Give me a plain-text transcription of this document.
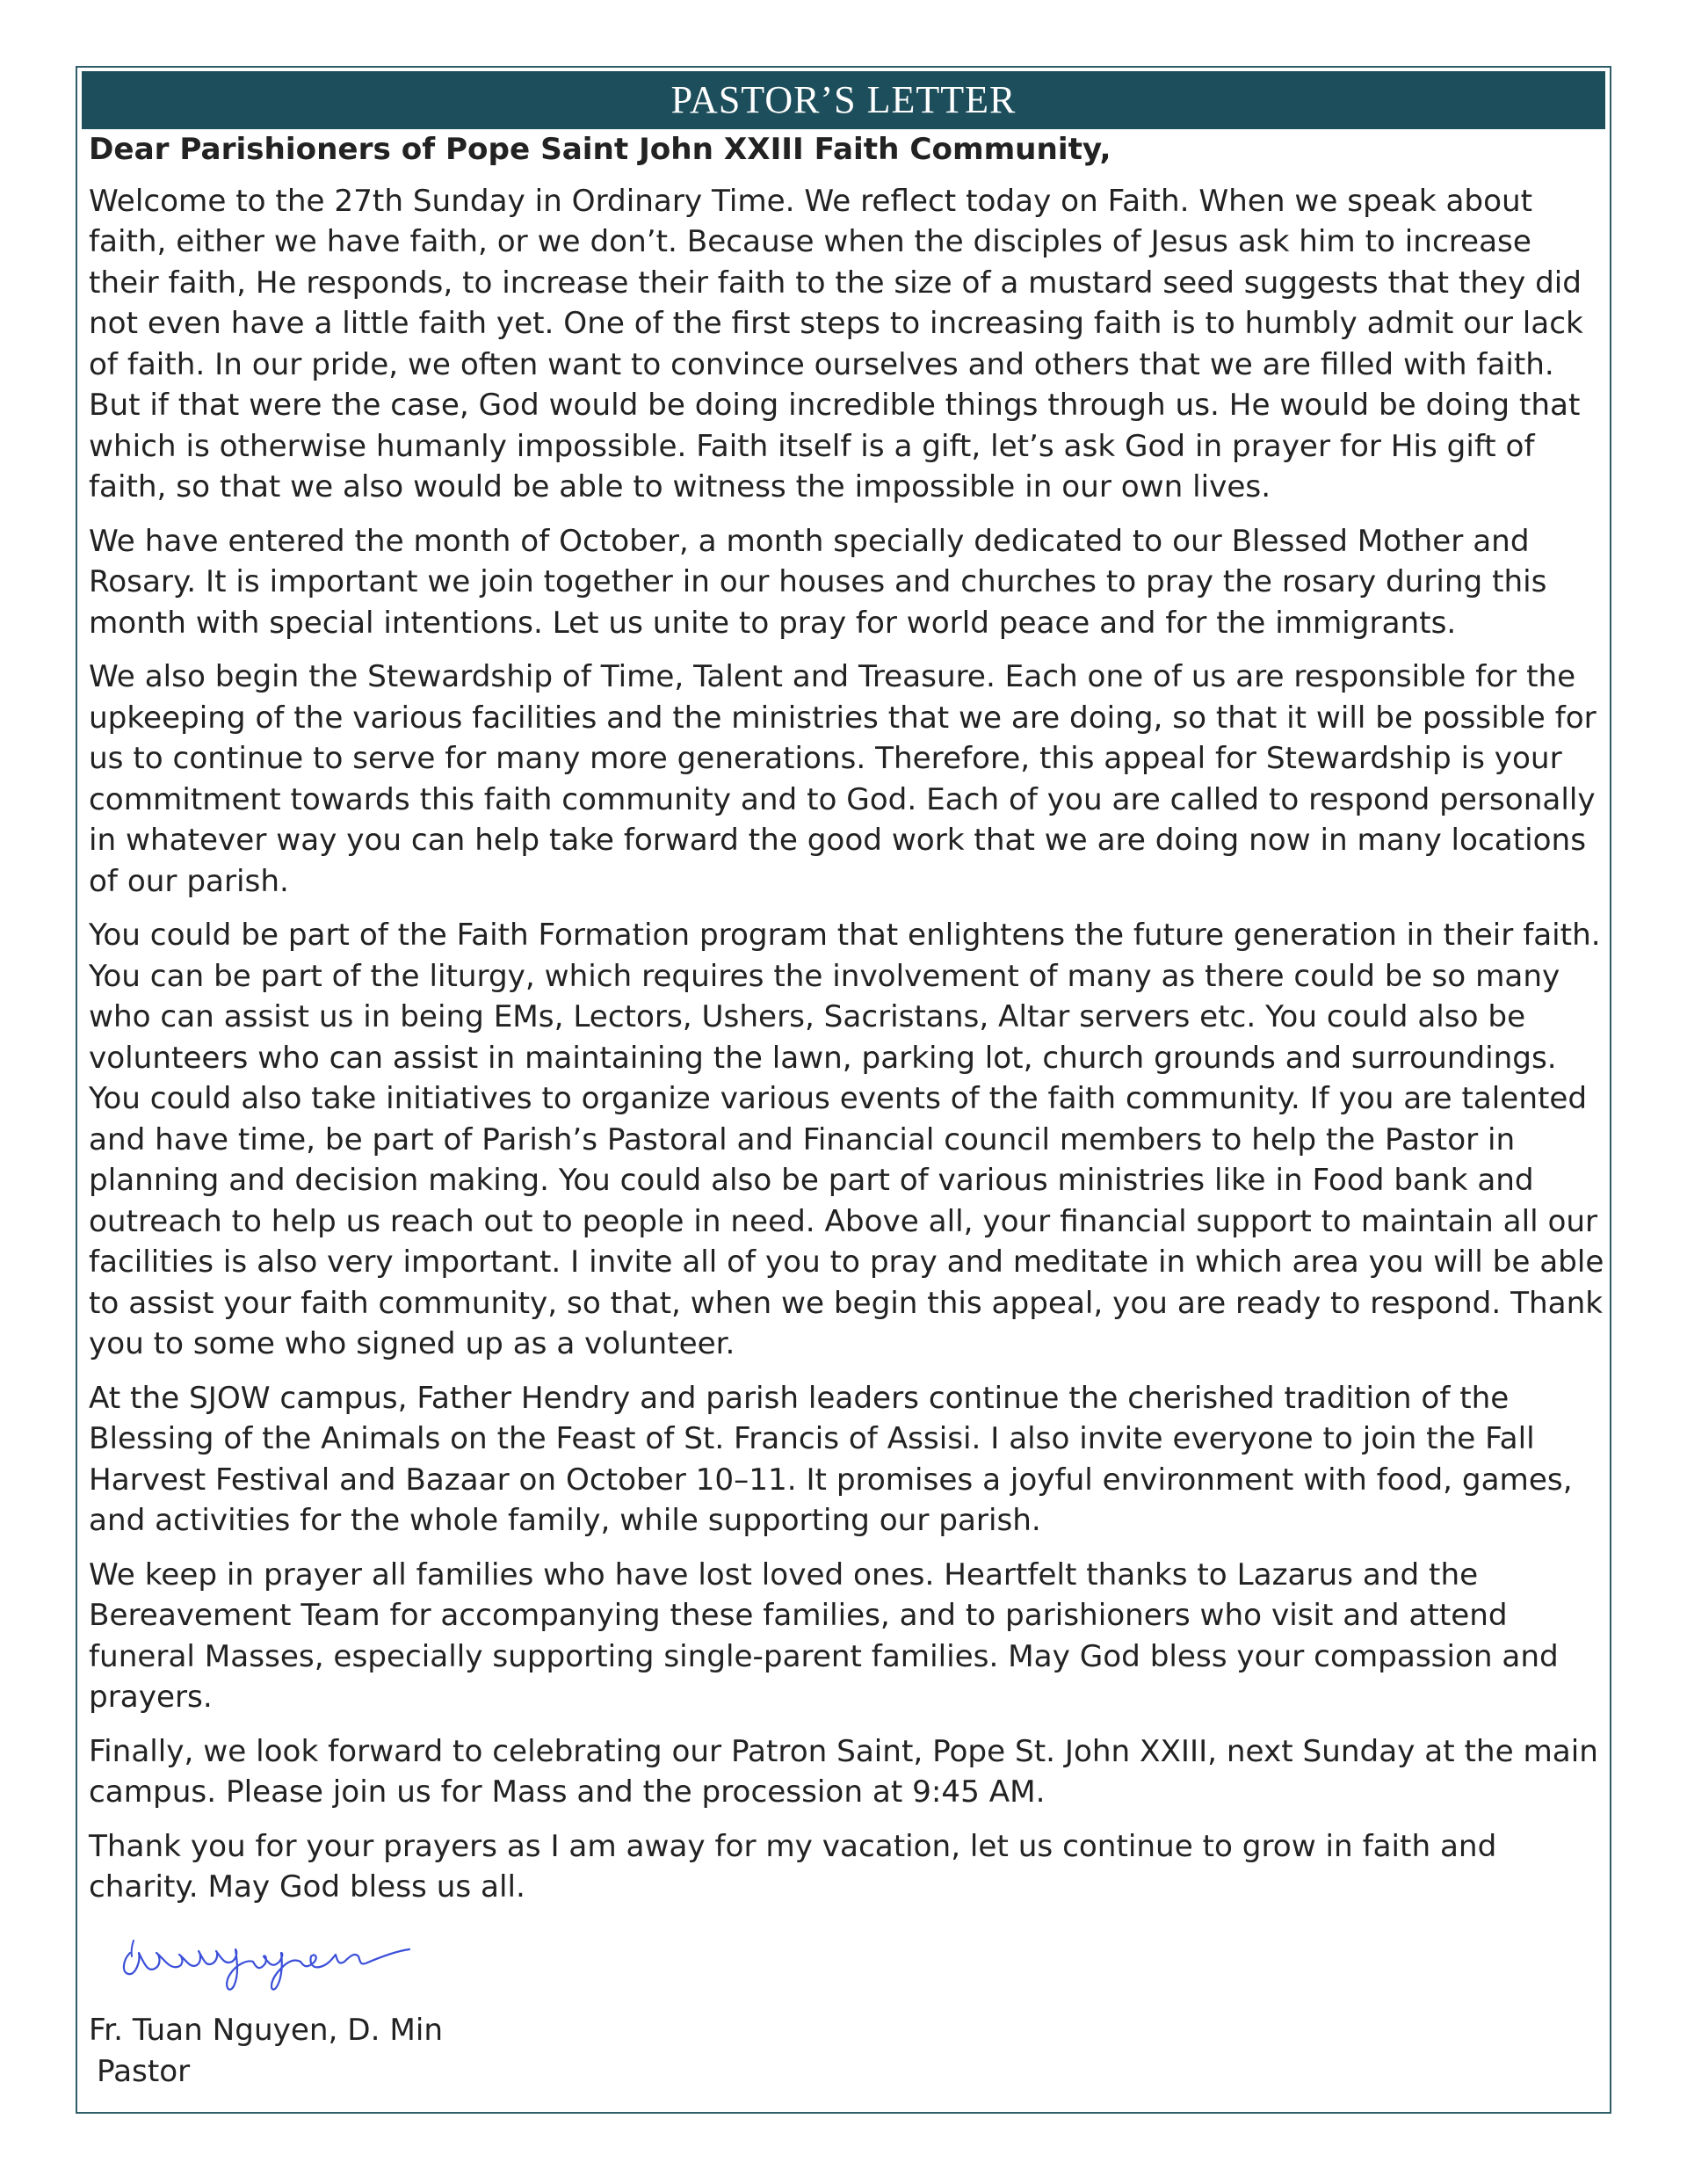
PASTOR’S LETTER

Dear Parishioners of Pope Saint John XXIII Faith Community,

Welcome to the 27th Sunday in Ordinary Time. We reflect today on Faith. When we speak about faith, either we have faith, or we don’t. Because when the disciples of Jesus ask him to increase their faith, He responds, to increase their faith to the size of a mustard seed suggests that they did not even have a little faith yet. One of the first steps to increasing faith is to humbly admit our lack of faith. In our pride, we often want to convince ourselves and others that we are filled with faith. But if that were the case, God would be doing incredible things through us. He would be doing that which is otherwise humanly impossible. Faith itself is a gift, let’s ask God in prayer for His gift of faith, so that we also would be able to witness the impossible in our own lives.

We have entered the month of October, a month specially dedicated to our Blessed Mother and Rosary. It is important we join together in our houses and churches to pray the rosary during this month with special intentions. Let us unite to pray for world peace and for the immigrants.

We also begin the Stewardship of Time, Talent and Treasure. Each one of us are responsible for the upkeeping of the various facilities and the ministries that we are doing, so that it will be possible for us to continue to serve for many more generations. Therefore, this appeal for Stewardship is your commitment towards this faith community and to God. Each of you are called to respond personally in whatever way you can help take forward the good work that we are doing now in many locations of our parish.

You could be part of the Faith Formation program that enlightens the future generation in their faith. You can be part of the liturgy, which requires the involvement of many as there could be so many who can assist us in being EMs, Lectors, Ushers, Sacristans, Altar servers etc. You could also be volunteers who can assist in maintaining the lawn, parking lot, church grounds and surroundings. You could also take initiatives to organize various events of the faith community. If you are talented and have time, be part of Parish’s Pastoral and Financial council members to help the Pastor in planning and decision making. You could also be part of various ministries like in Food bank and outreach to help us reach out to people in need. Above all, your financial support to maintain all our facilities is also very important. I invite all of you to pray and meditate in which area you will be able to assist your faith community, so that, when we begin this appeal, you are ready to respond. Thank you to some who signed up as a volunteer.

At the SJOW campus, Father Hendry and parish leaders continue the cherished tradition of the Blessing of the Animals on the Feast of St. Francis of Assisi. I also invite everyone to join the Fall Harvest Festival and Bazaar on October 10–11. It promises a joyful environment with food, games, and activities for the whole family, while supporting our parish.

We keep in prayer all families who have lost loved ones. Heartfelt thanks to Lazarus and the Bereavement Team for accompanying these families, and to parishioners who visit and attend funeral Masses, especially supporting single-parent families. May God bless your compassion and prayers.

Finally, we look forward to celebrating our Patron Saint, Pope St. John XXIII, next Sunday at the main campus. Please join us for Mass and the procession at 9:45 AM.

Thank you for your prayers as I am away for my vacation, let us continue to grow in faith and charity. May God bless us all.

Fr. Tuan Nguyen, D. Min
Pastor
